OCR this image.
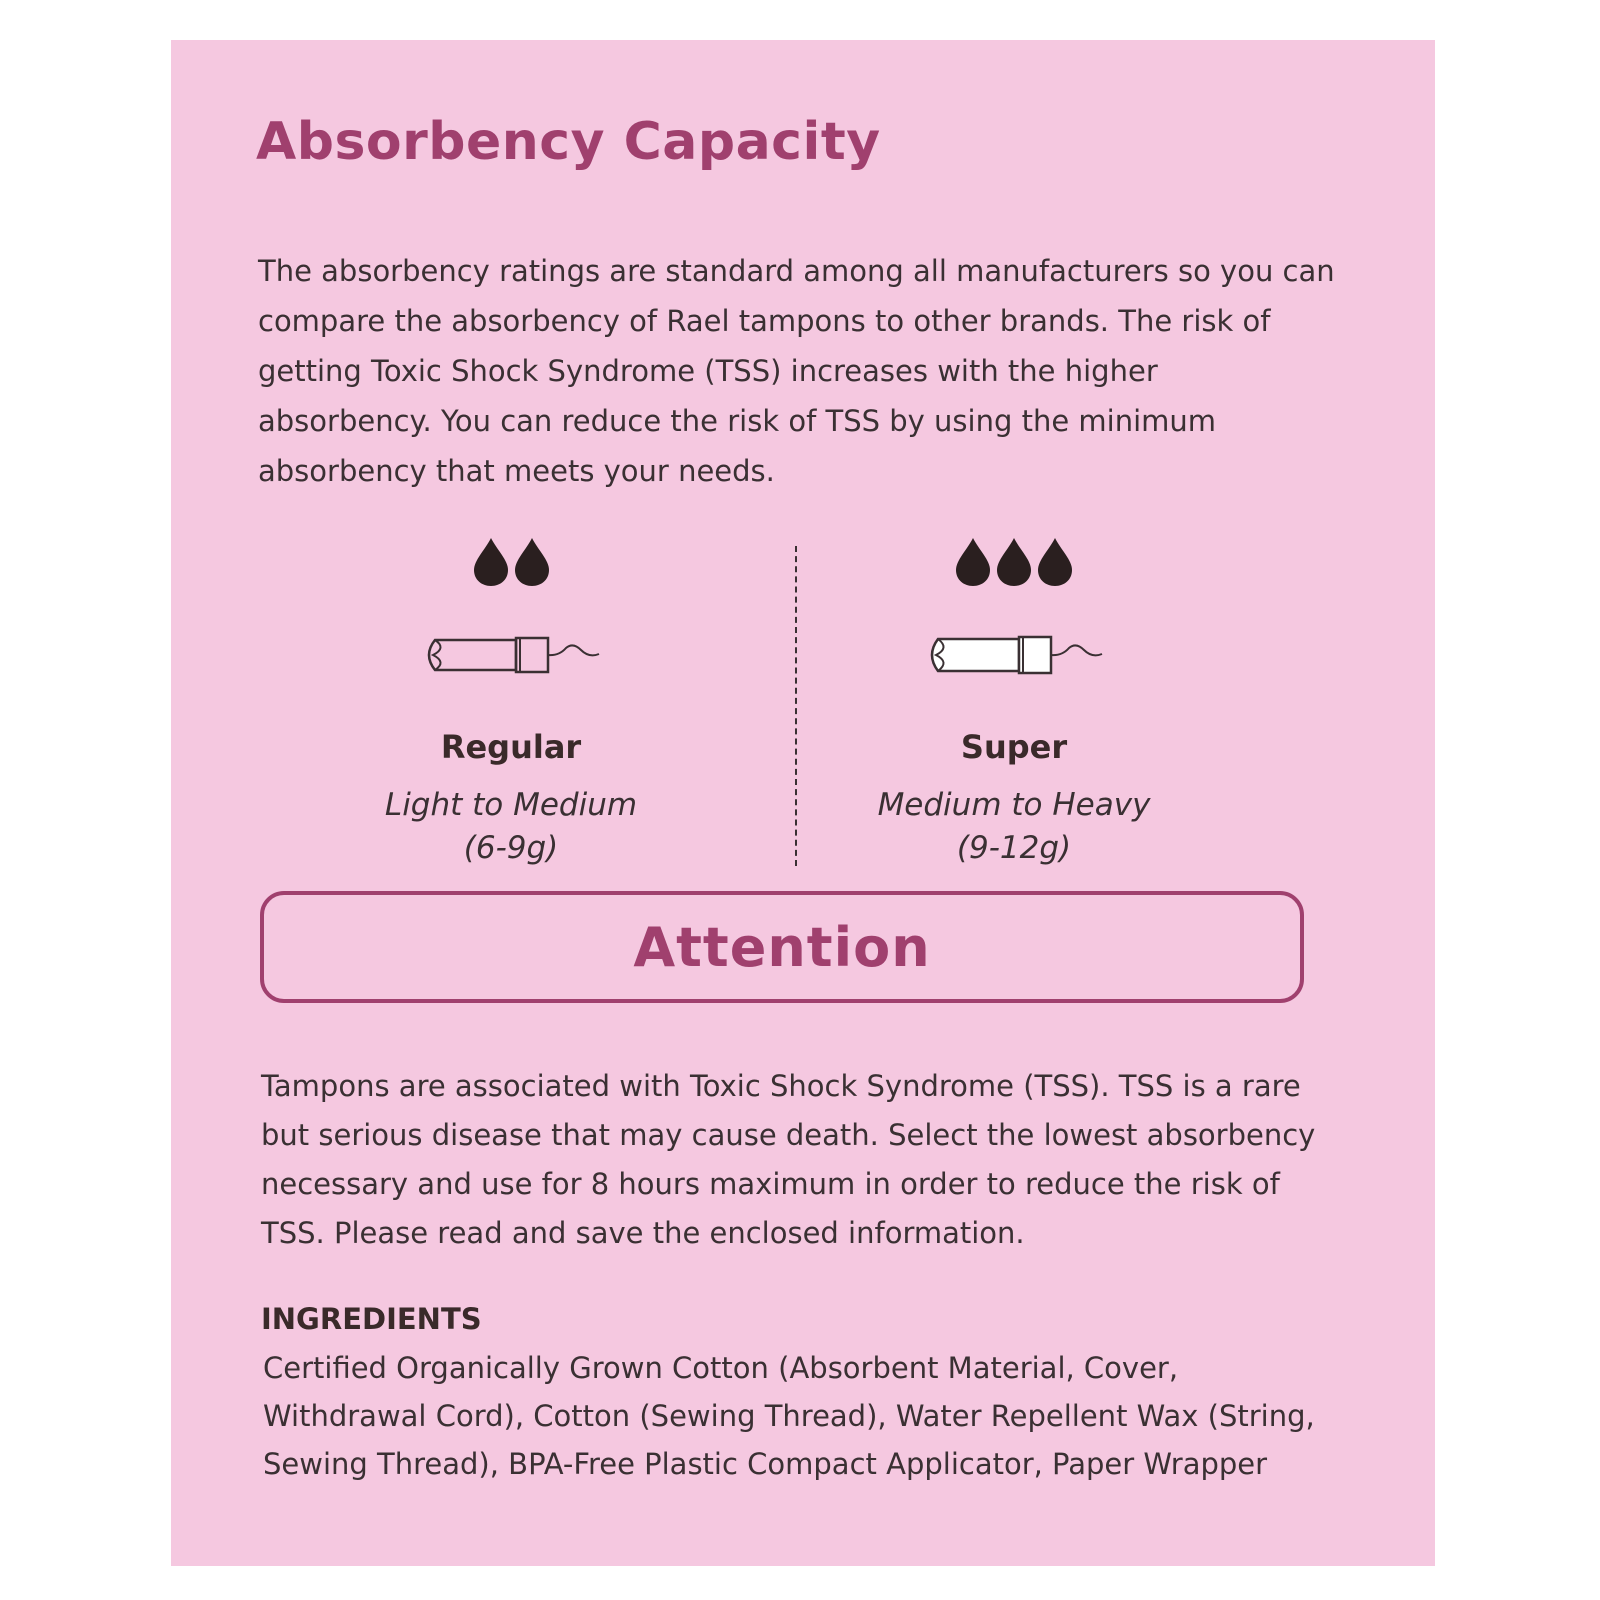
Absorbency Capacity

The absorbency ratings are standard among all manufacturers so you can compare the absorbency of Rael tampons to other brands. The risk of getting Toxic Shock Syndrome (TSS) increases with the higher absorbency. You can reduce the risk of TSS by using the minimum absorbency that meets your needs.

Regular
Light to Medium
(6-9g)
Super
Medium to Heavy
(9-12g)
Attention

Tampons are associated with Toxic Shock Syndrome (TSS). TSS is a rare but serious disease that may cause death. Select the lowest absorbency necessary and use for 8 hours maximum in order to reduce the risk of TSS. Please read and save the enclosed information.

INGREDIENTS

Certified Organically Grown Cotton (Absorbent Material, Cover, Withdrawal Cord), Cotton (Sewing Thread), Water Repellent Wax (String, Sewing Thread), BPA-Free Plastic Compact Applicator, Paper Wrapper
